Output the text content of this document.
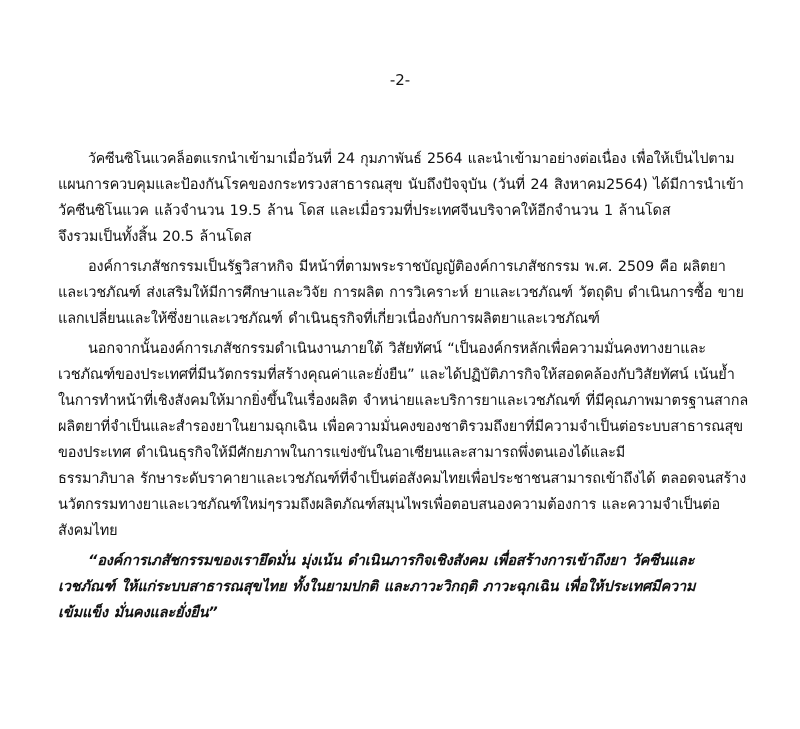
-2-

วัคซีนซิโนแวคล็อตแรกนำเข้ามาเมื่อวันที่ 24 กุมภาพันธ์ 2564 และนำเข้ามาอย่างต่อเนื่อง เพื่อให้เป็นไปตาม
แผนการควบคุมและป้องกันโรคของกระทรวงสาธารณสุข นับถึงปัจจุบัน (วันที่ 24 สิงหาคม2564) ได้มีการนำเข้า
วัคซีนซิโนแวค แล้วจำนวน 19.5 ล้าน โดส และเมื่อรวมที่ประเทศจีนบริจาคให้อีกจำนวน 1 ล้านโดส
จึงรวมเป็นทั้งสิ้น 20.5 ล้านโดส

องค์การเภสัชกรรมเป็นรัฐวิสาหกิจ มีหน้าที่ตามพระราชบัญญัติองค์การเภสัชกรรม พ.ศ. 2509 คือ ผลิตยา
และเวชภัณฑ์ ส่งเสริมให้มีการศึกษาและวิจัย การผลิต การวิเคราะห์ ยาและเวชภัณฑ์ วัตถุดิบ ดำเนินการซื้อ ขาย
แลกเปลี่ยนและให้ซึ่งยาและเวชภัณฑ์ ดำเนินธุรกิจที่เกี่ยวเนื่องกับการผลิตยาและเวชภัณฑ์

นอกจากนั้นองค์การเภสัชกรรมดำเนินงานภายใต้ วิสัยทัศน์ “เป็นองค์กรหลักเพื่อความมั่นคงทางยาและ
เวชภัณฑ์ของประเทศที่มีนวัตกรรมที่สร้างคุณค่าและยั่งยืน” และได้ปฏิบัติภารกิจให้สอดคล้องกับวิสัยทัศน์ เน้นย้ำ
ในการทำหน้าที่เชิงสังคมให้มากยิ่งขึ้นในเรื่องผลิต จำหน่ายและบริการยาและเวชภัณฑ์ ที่มีคุณภาพมาตรฐานสากล
ผลิตยาที่จำเป็นและสำรองยาในยามฉุกเฉิน เพื่อความมั่นคงของชาติรวมถึงยาที่มีความจำเป็นต่อระบบสาธารณสุข
ของประเทศ ดำเนินธุรกิจให้มีศักยภาพในการแข่งขันในอาเซียนและสามารถพึ่งตนเองได้และมี
ธรรมาภิบาล รักษาระดับราคายาและเวชภัณฑ์ที่จำเป็นต่อสังคมไทยเพื่อประชาชนสามารถเข้าถึงได้ ตลอดจนสร้าง
นวัตกรรมทางยาและเวชภัณฑ์ใหม่ๆรวมถึงผลิตภัณฑ์สมุนไพรเพื่อตอบสนองความต้องการ และความจำเป็นต่อ
สังคมไทย

“องค์การเภสัชกรรมของเรายึดมั่น มุ่งเน้น ดำเนินภารกิจเชิงสังคม เพื่อสร้างการเข้าถึงยา วัคซีนและ
เวชภัณฑ์ ให้แก่ระบบสาธารณสุขไทย ทั้งในยามปกติ และภาวะวิกฤติ ภาวะฉุกเฉิน เพื่อให้ประเทศมีความ
เข้มแข็ง มั่นคงและยั่งยืน”
